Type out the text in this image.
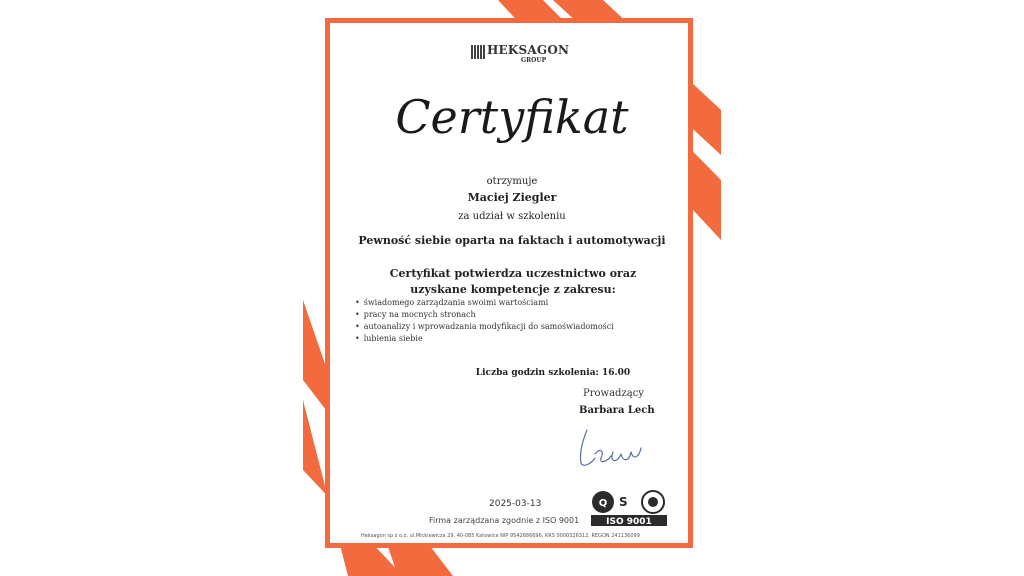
HEKSAGON
GROUP
Certyfikat
otrzymuje
Maciej Ziegler
za udział w szkoleniu
Pewność siebie oparta na faktach i automotywacji
Certyfikat potwierdza uczestnictwo oraz uzyskane kompetencje z zakresu:
• świadomego zarządzania swoimi wartościami
• pracy na mocnych stronach
• autoanalizy i wprowadzania modyfikacji do samoświadomości
• lubienia siebie
Liczba godzin szkolenia: 16.00
Prowadzący
Barbara Lech
2025-03-13
Firma zarządzana zgodnie z ISO 9001
Q S
ISO 9001
Heksagon sp z o.o. ul.Mickiewicza 29, 40-085 Katowice NIP 9542686696, KRS 0000326312, REGON 241136099
